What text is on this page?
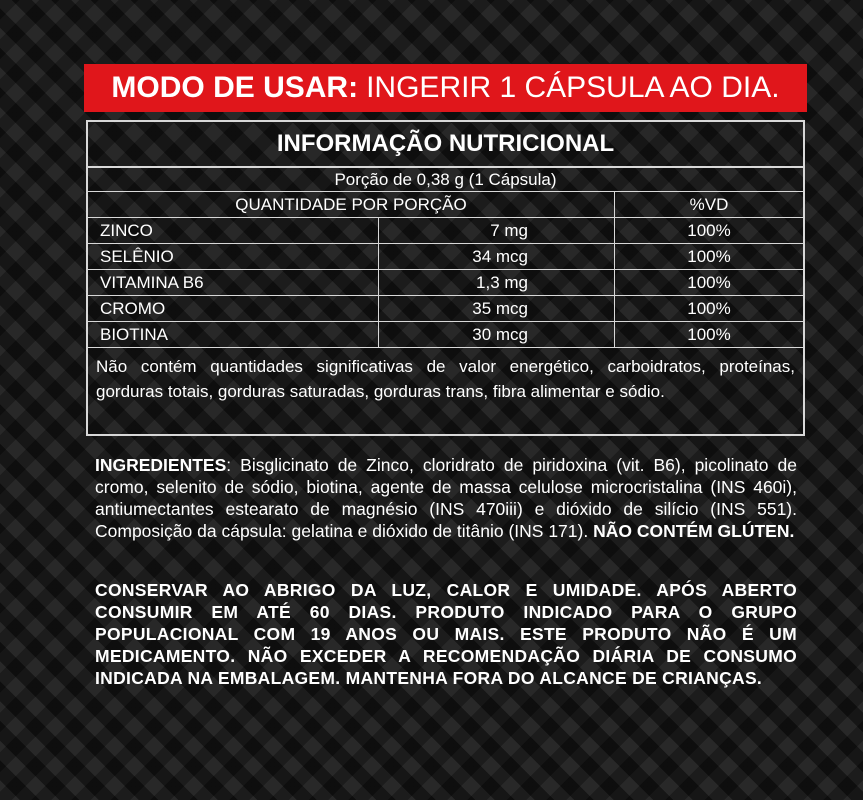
MODO DE USAR: INGERIR 1 CÁPSULA AO DIA.
INFORMAÇÃO NUTRICIONAL
Porção de 0,38 g (1 Cápsula)
QUANTIDADE POR PORÇÃO	%VD
ZINCO	7 mg	100%
SELÊNIO	34 mcg	100%
VITAMINA B6	1,3 mg	100%
CROMO	35 mcg	100%
BIOTINA	30 mcg	100%
Não contém quantidades significativas de valor energético, carboidratos, proteínas, gorduras totais, gorduras saturadas, gorduras trans, fibra alimentar e sódio.
INGREDIENTES: Bisglicinato de Zinco, cloridrato de piridoxina (vit. B6), picolinato de cromo, selenito de sódio, biotina, agente de massa celulose microcristalina (INS 460i), antiumectantes estearato de magnésio (INS 470iii) e dióxido de silício (INS 551). Composição da cápsula: gelatina e dióxido de titânio (INS 171). NÃO CONTÉM GLÚTEN.
CONSERVAR AO ABRIGO DA LUZ, CALOR E UMIDADE. APÓS ABERTO CONSUMIR EM ATÉ 60 DIAS. PRODUTO INDICADO PARA O GRUPO POPULACIONAL COM 19 ANOS OU MAIS. ESTE PRODUTO NÃO É UM MEDICAMENTO. NÃO EXCEDER A RECOMENDAÇÃO DIÁRIA DE CONSUMO INDICADA NA EMBALAGEM. MANTENHA FORA DO ALCANCE DE CRIANÇAS.
